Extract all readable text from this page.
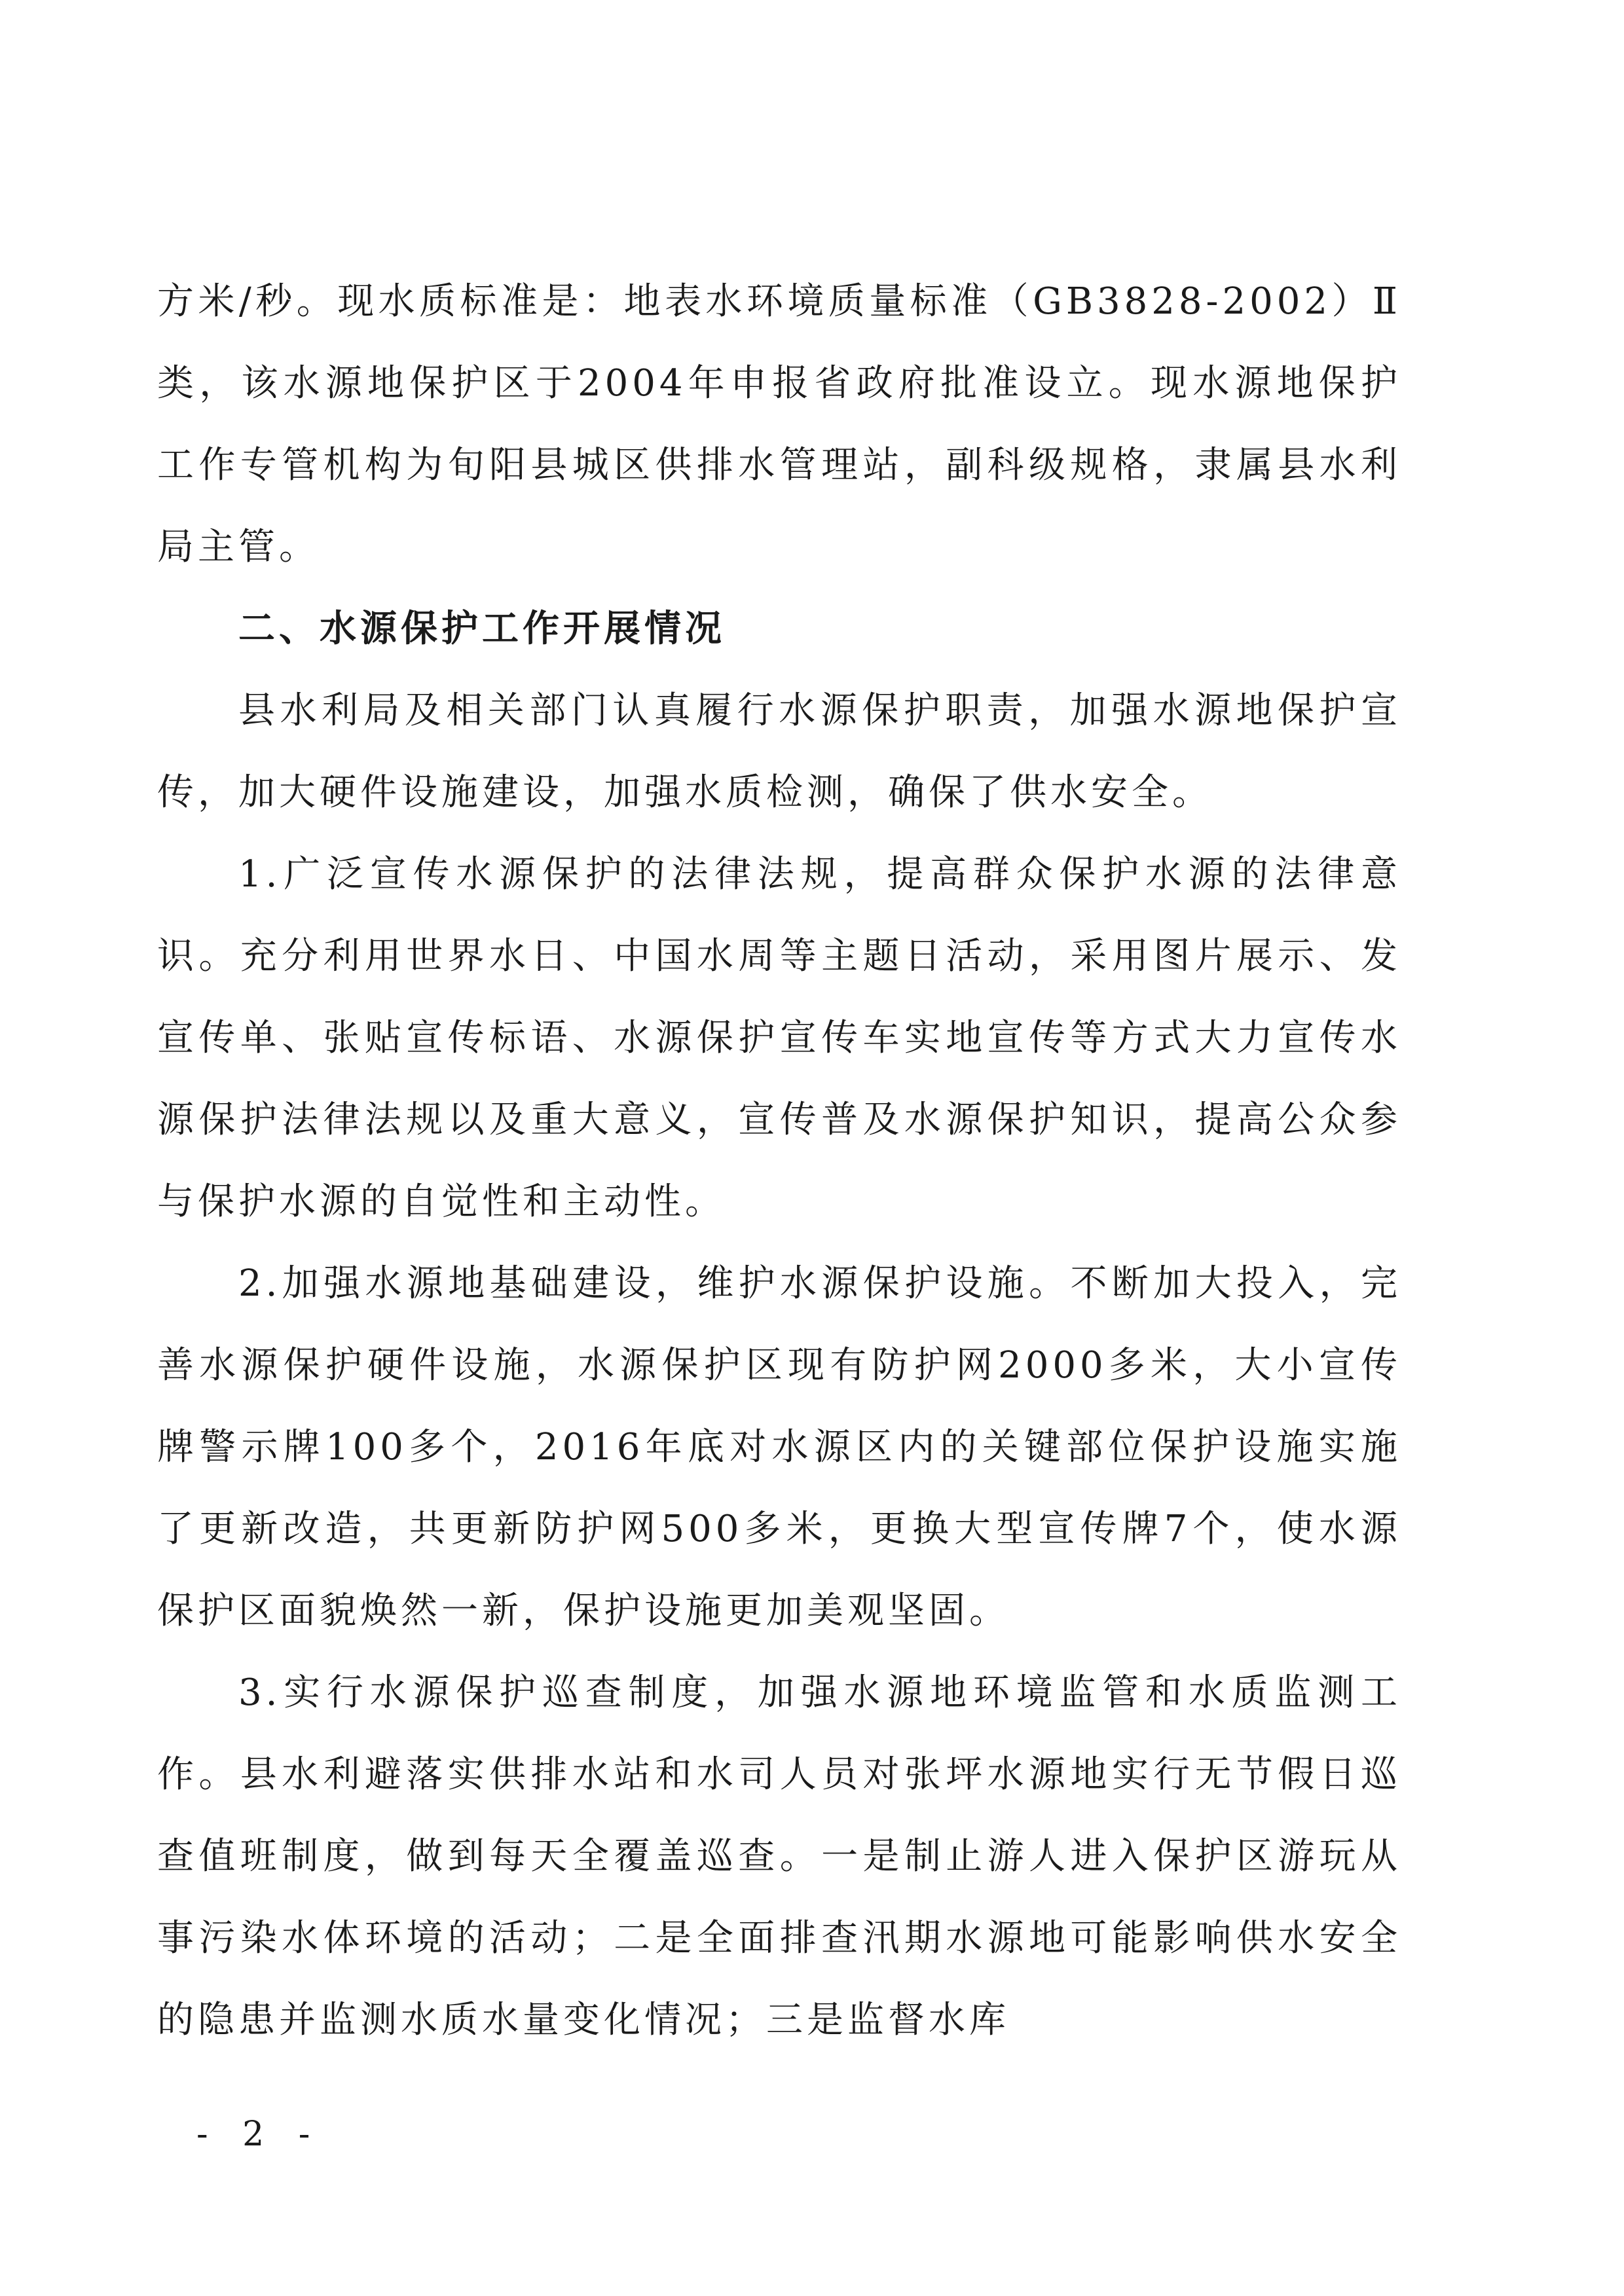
方米/秒。现水质标准是：地表水环境质量标准（GB3828-2002）Ⅱ类，该水源地保护区于2004年申报省政府批准设立。现水源地保护工作专管机构为旬阳县城区供排水管理站，副科级规格，隶属县水利局主管。

二、水源保护工作开展情况

县水利局及相关部门认真履行水源保护职责，加强水源地保护宣传，加大硬件设施建设，加强水质检测，确保了供水安全。

1.广泛宣传水源保护的法律法规，提高群众保护水源的法律意识。充分利用世界水日、中国水周等主题日活动，采用图片展示、发宣传单、张贴宣传标语、水源保护宣传车实地宣传等方式大力宣传水源保护法律法规以及重大意义，宣传普及水源保护知识，提高公众参与保护水源的自觉性和主动性。

2.加强水源地基础建设，维护水源保护设施。不断加大投入，完善水源保护硬件设施，水源保护区现有防护网2000多米，大小宣传牌警示牌100多个，2016年底对水源区内的关键部位保护设施实施了更新改造，共更新防护网500多米，更换大型宣传牌7个，使水源保护区面貌焕然一新，保护设施更加美观坚固。

3.实行水源保护巡查制度，加强水源地环境监管和水质监测工作。县水利避落实供排水站和水司人员对张坪水源地实行无节假日巡查值班制度，做到每天全覆盖巡查。一是制止游人进入保护区游玩从事污染水体环境的活动；二是全面排查汛期水源地可能影响供水安全的隐患并监测水质水量变化情况；三是监督水库

- 2 -
